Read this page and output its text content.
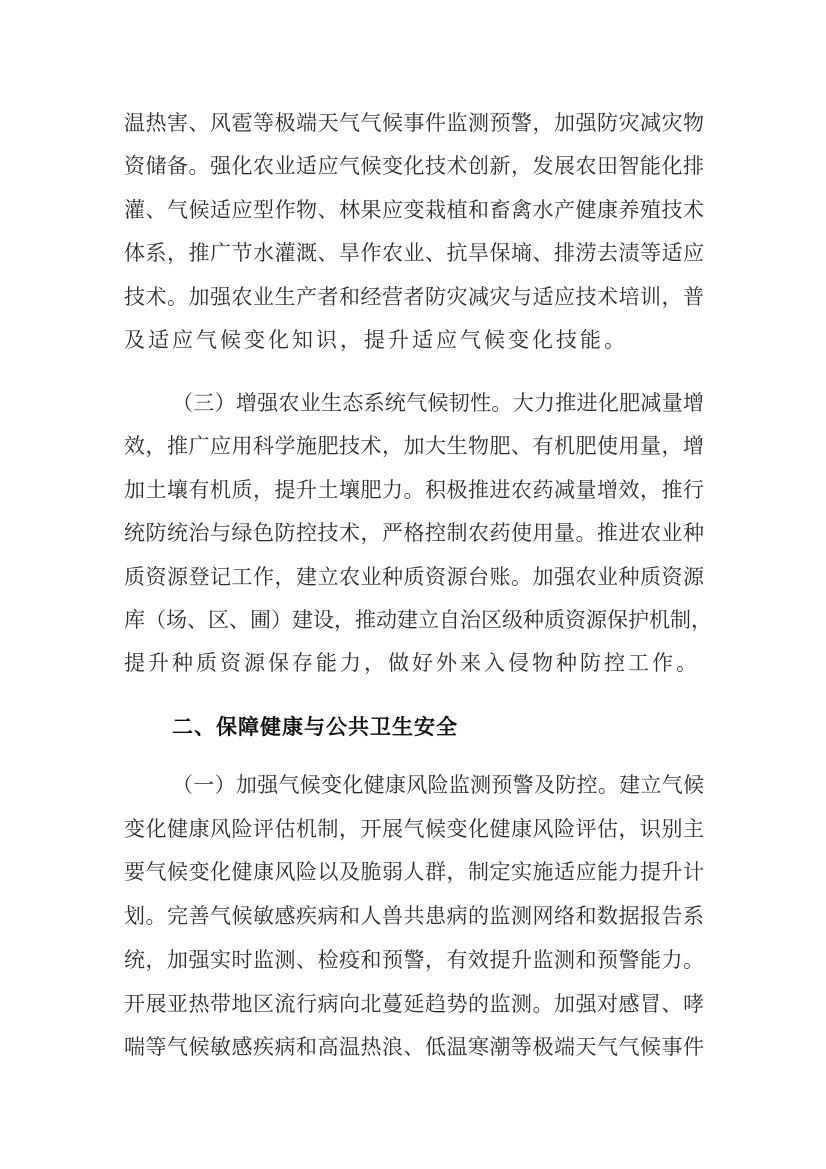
温热害、风雹等极端天气气候事件监测预警，加强防灾减灾物
资储备。强化农业适应气候变化技术创新，发展农田智能化排
灌、气候适应型作物、林果应变栽植和畜禽水产健康养殖技术
体系，推广节水灌溉、旱作农业、抗旱保墒、排涝去渍等适应
技术。加强农业生产者和经营者防灾减灾与适应技术培训，普
及适应气候变化知识，提升适应气候变化技能。
（三）增强农业生态系统气候韧性。大力推进化肥减量增
效，推广应用科学施肥技术，加大生物肥、有机肥使用量，增
加土壤有机质，提升土壤肥力。积极推进农药减量增效，推行
统防统治与绿色防控技术，严格控制农药使用量。推进农业种
质资源登记工作，建立农业种质资源台账。加强农业种质资源
库（场、区、圃）建设，推动建立自治区级种质资源保护机制，
提升种质资源保存能力，做好外来入侵物种防控工作。
二、保障健康与公共卫生安全
（一）加强气候变化健康风险监测预警及防控。建立气候
变化健康风险评估机制，开展气候变化健康风险评估，识别主
要气候变化健康风险以及脆弱人群，制定实施适应能力提升计
划。完善气候敏感疾病和人兽共患病的监测网络和数据报告系
统，加强实时监测、检疫和预警，有效提升监测和预警能力。
开展亚热带地区流行病向北蔓延趋势的监测。加强对感冒、哮
喘等气候敏感疾病和高温热浪、低温寒潮等极端天气气候事件
